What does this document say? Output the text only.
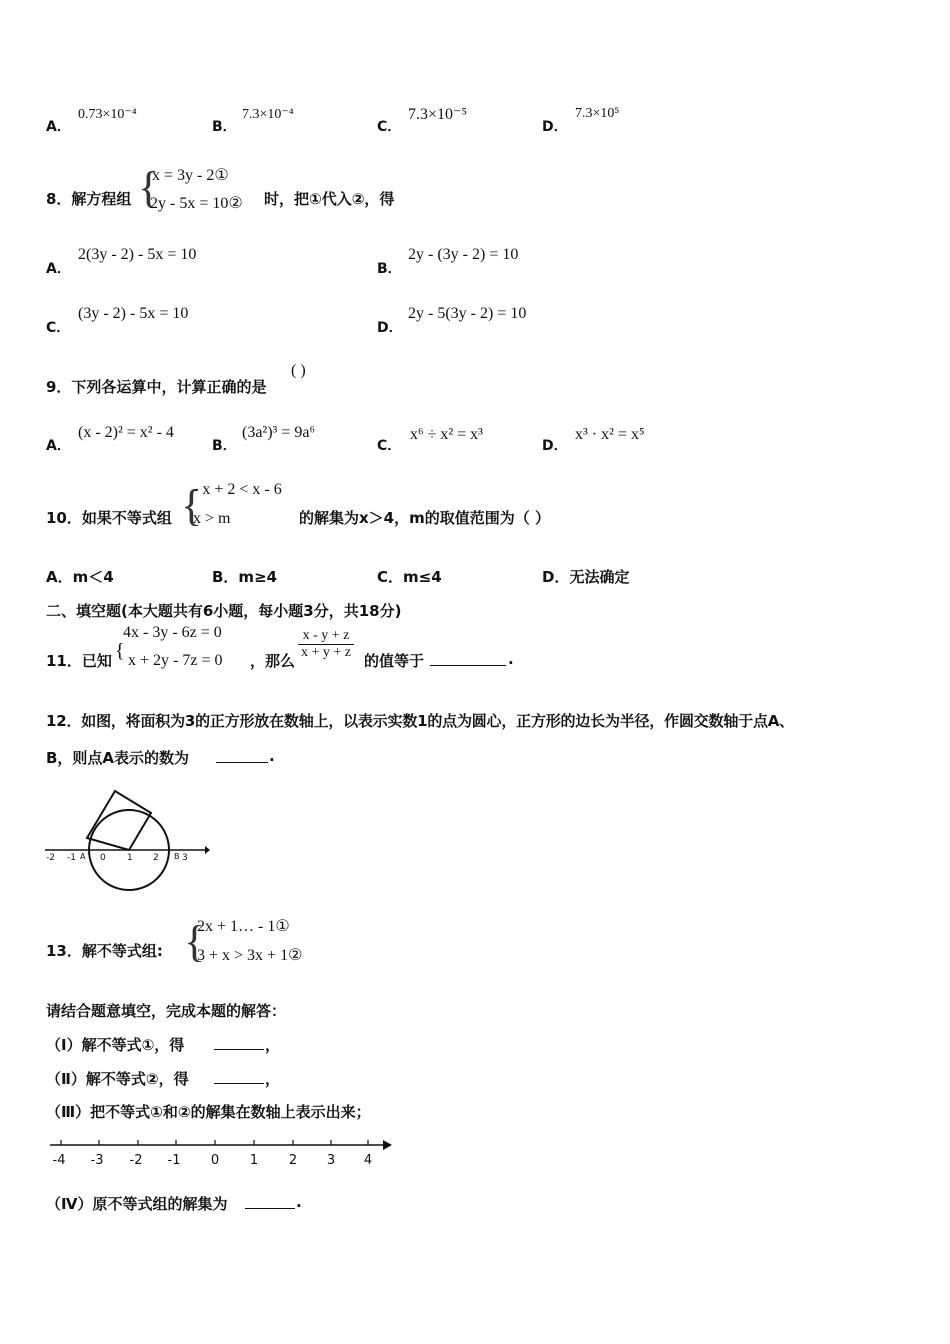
A．
0.73×10⁻⁴
B．
7.3×10⁻⁴
C．
7.3×10⁻⁵
D．
7.3×10⁵
8．解方程组 {
x = 3y - 2①
2y - 5x = 10② 时，把①代入②，得
A．
2(3y - 2) - 5x = 10
B．
2y - (3y - 2) = 10
C．
(3y - 2) - 5x = 10
D．
2y - 5(3y - 2) = 10
9．下列各运算中，计算正确的是
( )
A．
(x - 2)² = x² - 4
B．
(3a²)³ = 9a⁶
C．
x⁶ ÷ x² = x³
D．
x³ · x² = x⁵
10．如果不等式组 {
- x + 2 < x - 6
x > m	的解集为x＞4，m的取值范围为（ ）
A．m＜4	B．m≥4	C．m≤4	D．无法确定
二、填空题(本大题共有6小题，每小题3分，共18分)
11．已知 {
4x - 3y - 6z = 0
x + 2y - 7z = 0 ，那么 $\frac{x - y + z}{x + y + z}$ 的值等于	.
12．如图，将面积为3的正方形放在数轴上，以表示实数1的点为圆心，正方形的边长为半径，作圆交数轴于点A、
B，则点A表示的数为	.
-2 -1 A 0 1 2 B 3
13．解不等式组: {
2x + 1… - 1①
3 + x > 3x + 1②
请结合题意填空，完成本题的解答：
（Ⅰ）解不等式①，得	，
（Ⅱ）解不等式②，得	，
（Ⅲ）把不等式①和②的解集在数轴上表示出来；
-4 -3 -2 -1 0 1 2 3 4
（Ⅳ）原不等式组的解集为	.
